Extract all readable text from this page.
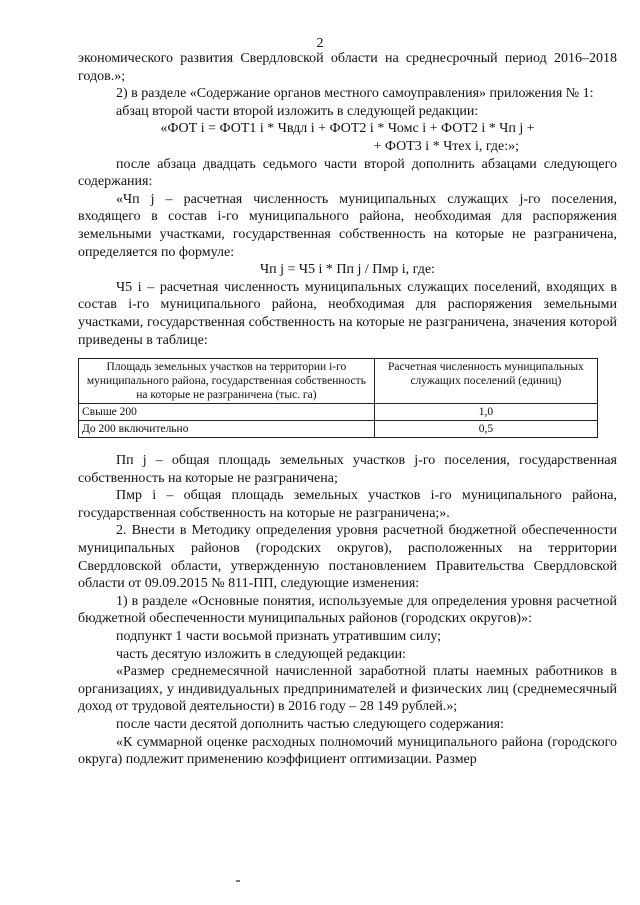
2

экономического развития Свердловской области на среднесрочный период 2016–2018 годов.»;

2) в разделе «Содержание органов местного самоуправления» приложения № 1:

абзац второй части второй изложить в следующей редакции:

«ФОТ i = ФОТ1 i * Чвдл i + ФОТ2 i * Чомс i + ФОТ2 i * Чп j +

+ ФОТ3 i * Чтех i, где:»;

после абзаца двадцать седьмого части второй дополнить абзацами следующего содержания:

«Чп j – расчетная численность муниципальных служащих j-го поселения, входящего в состав i-го муниципального района, необходимая для распоряжения земельными участками, государственная собственность на которые не разграничена, определяется по формуле:

Чп j = Ч5 i * Пп j / Пмр i, где:

Ч5 i – расчетная численность муниципальных служащих поселений, входящих в состав i-го муниципального района, необходимая для распоряжения земельными участками, государственная собственность на которые не разграничена, значения которой приведены в таблице:

Площадь земельных участков на территории i-го муниципального района, государственная собственность на которые не разграничена (тыс. га)	Расчетная численность муниципальных служащих поселений (единиц)
Свыше 200	1,0
До 200 включительно	0,5

Пп j – общая площадь земельных участков j-го поселения, государственная собственность на которые не разграничена;

Пмр i – общая площадь земельных участков i-го муниципального района, государственная собственность на которые не разграничена;».

2. Внести в Методику определения уровня расчетной бюджетной обеспеченности муниципальных районов (городских округов), расположенных на территории Свердловской области, утвержденную постановлением Правительства Свердловской области от 09.09.2015 № 811-ПП, следующие изменения:

1) в разделе «Основные понятия, используемые для определения уровня расчетной бюджетной обеспеченности муниципальных районов (городских округов)»:

подпункт 1 части восьмой признать утратившим силу;

часть десятую изложить в следующей редакции:

«Размер среднемесячной начисленной заработной платы наемных работников в организациях, у индивидуальных предпринимателей и физических лиц (среднемесячный доход от трудовой деятельности) в 2016 году – 28 149 рублей.»;

после части десятой дополнить частью следующего содержания:

«К суммарной оценке расходных полномочий муниципального района (городского округа) подлежит применению коэффициент оптимизации. Размер
